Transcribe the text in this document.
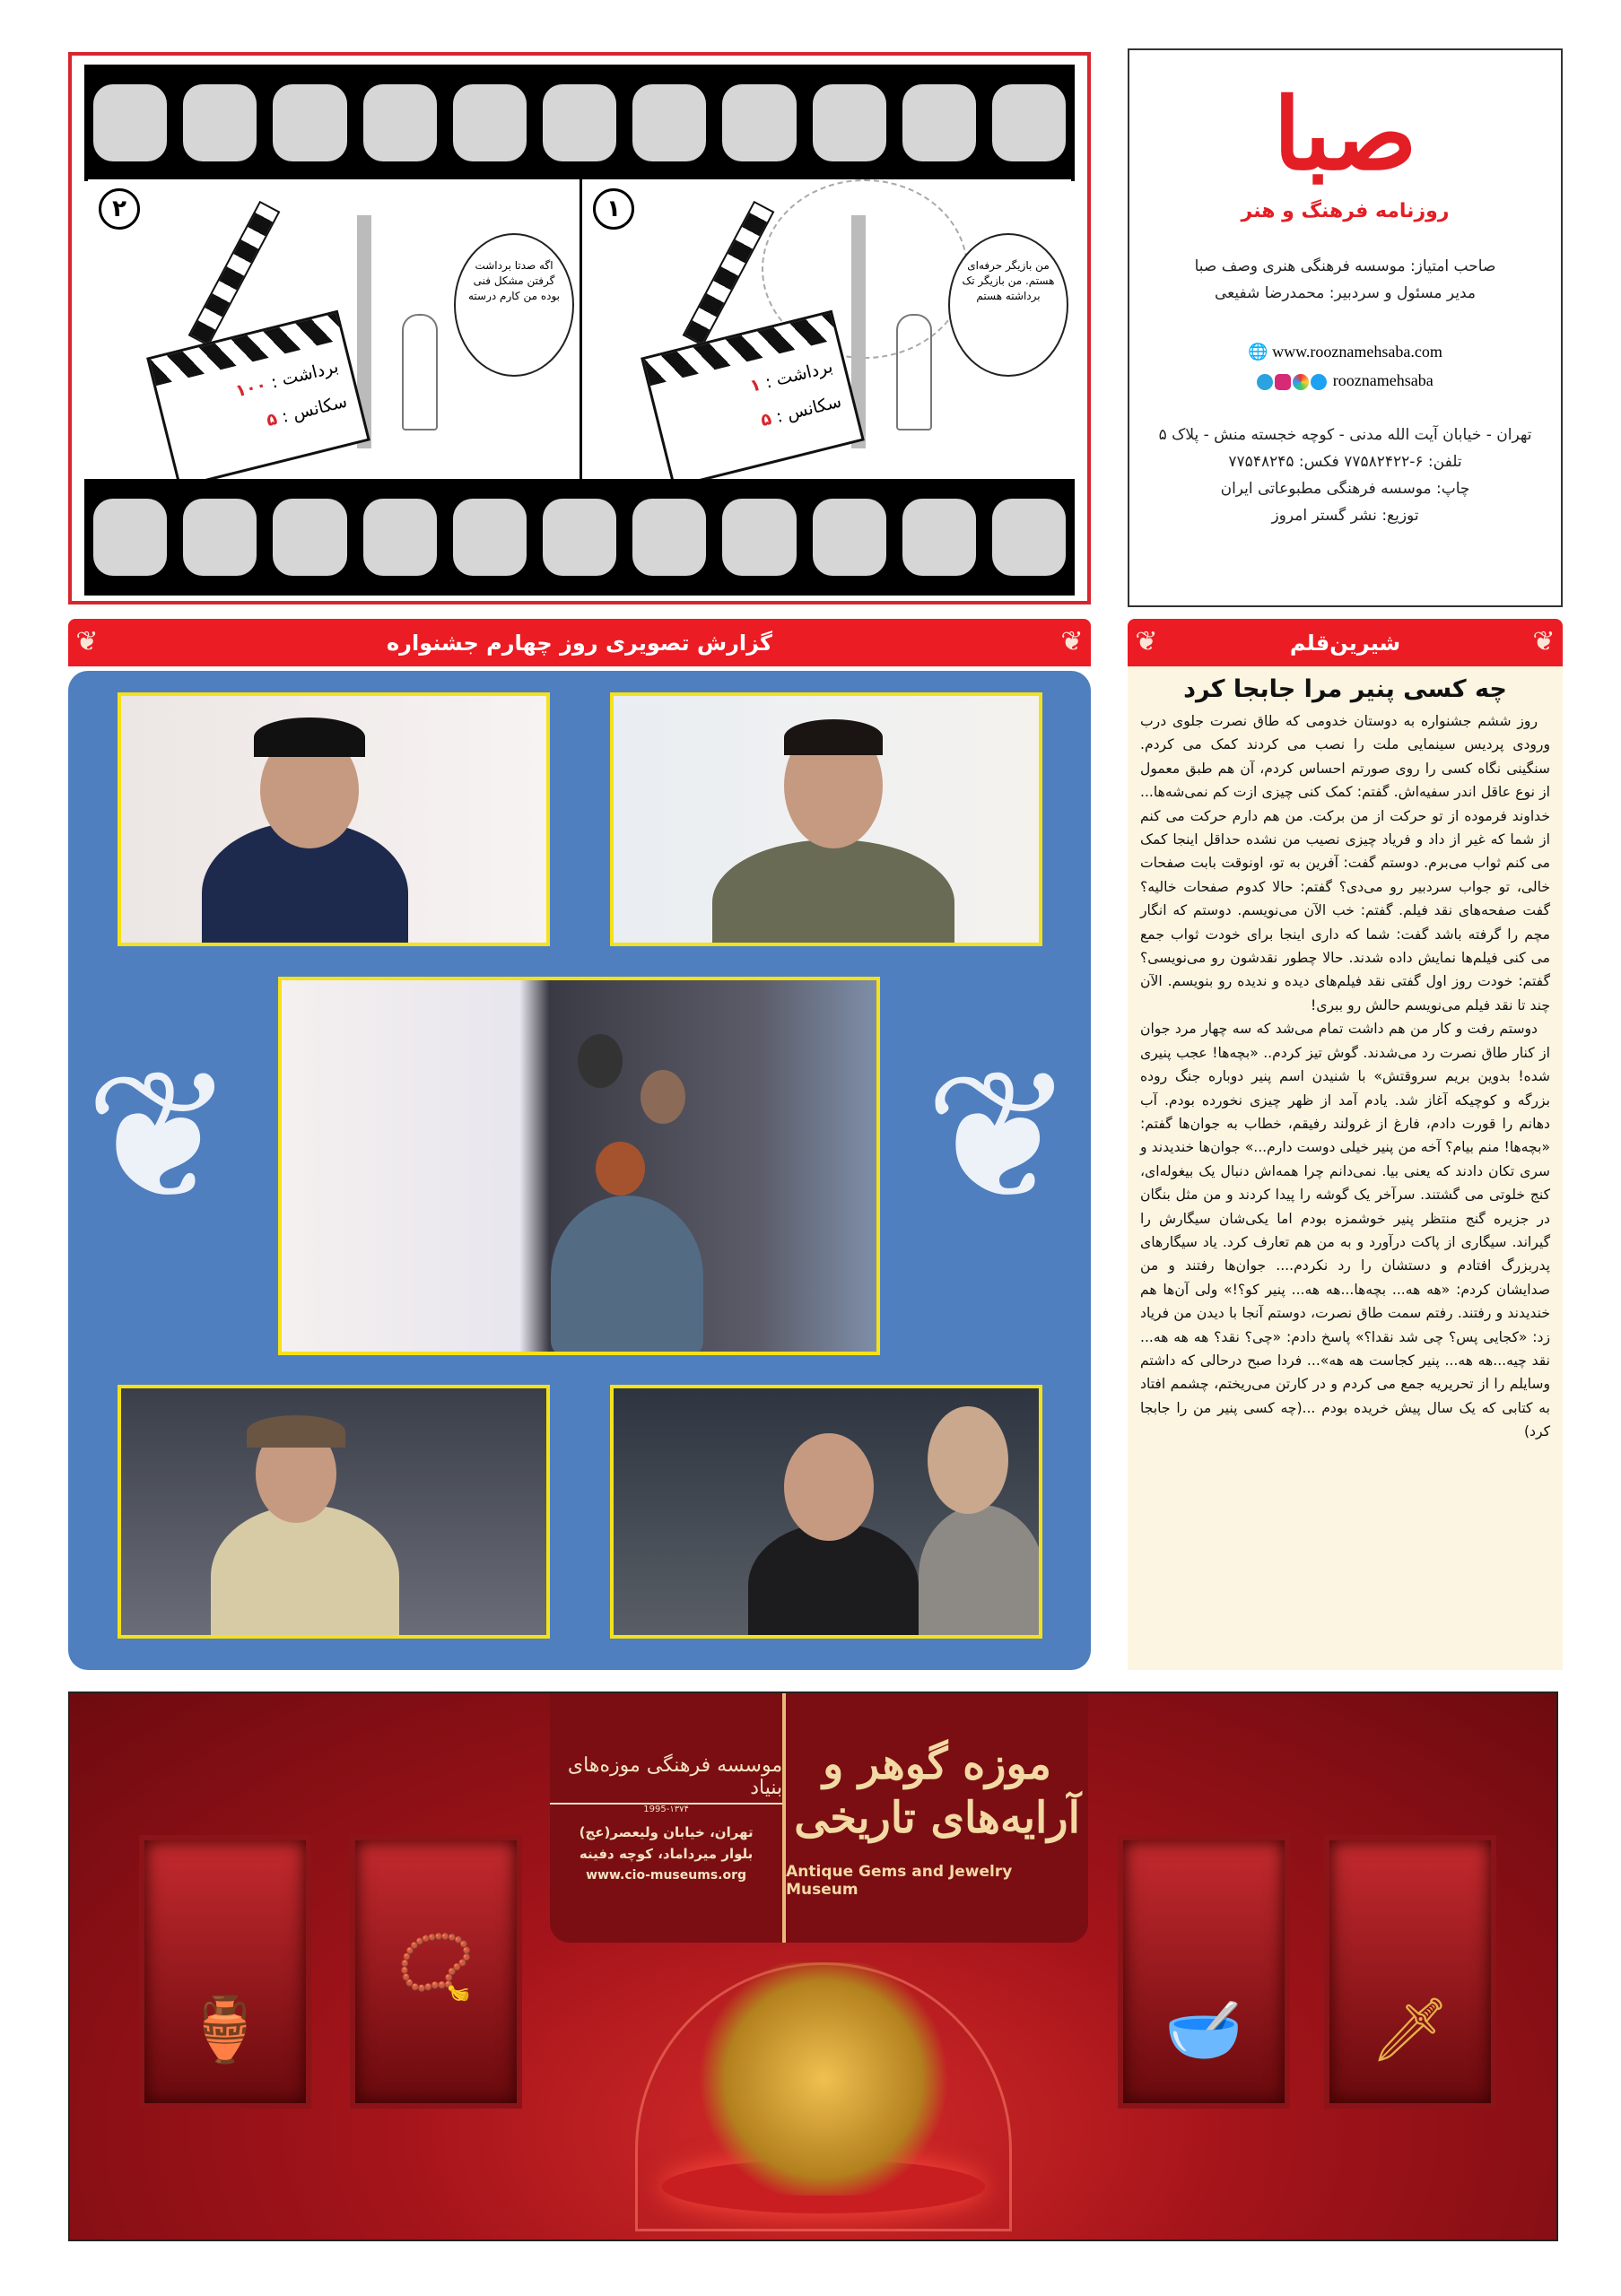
۲
برداشت : ۱۰۰
سکانس : ۵
اگه صدتا برداشت گرفتن مشکل فنی بوده من کارم درسته
۱
برداشت : ۱
سکانس : ۵
من بازیگر حرفه‌ای هستم. من بازیگر تک برداشته هستم
صبا
روزنامه فرهنگ و هنر
صاحب امتیاز: موسسه فرهنگی هنری وصف صبا
مدیر مسئول و سردبیر: محمدرضا شفیعی
🌐 www.rooznamehsaba.com
rooznamehsaba
تهران - خیابان آیت الله مدنی - کوچه خجسته منش - پلاک ۵
تلفن: ۶-۷۷۵۸۲۴۲۲ فکس: ۷۷۵۴۸۲۴۵
چاپ: موسسه فرهنگی مطبوعاتی ایران
توزیع: نشر گستر امروز
❦	گزارش تصویری روز چهارم جشنواره	❦
❦	❦
❦	شیرین‌قلم	❦
چه کسی پنیر مرا جابجا کرد

روز ششم جشنواره به دوستان خدومی که طاق نصرت جلوی درب ورودی پردیس سینمایی ملت را نصب می کردند کمک می کردم. سنگینی نگاه کسی را روی صورتم احساس کردم، آن هم طبق معمول از نوع عاقل اندر سفیه‌اش. گفتم: کمک کنی چیزی ازت کم نمی‌شه‌ها... خداوند فرموده از تو حرکت از من برکت. من هم دارم حرکت می کنم از شما که غیر از داد و فریاد چیزی نصیب من نشده حداقل اینجا کمک می کنم ثواب می‌برم. دوستم گفت: آفرین به تو، اونوقت بابت صفحات خالی، تو جواب سردبیر رو می‌دی؟ گفتم: حالا کدوم صفحات خالیه؟ گفت صفحه‌های نقد فیلم. گفتم: خب الآن می‌نویسم. دوستم که انگار مچم را گرفته باشد گفت: شما که داری اینجا برای خودت ثواب جمع می کنی فیلم‌ها نمایش داده شدند. حالا چطور نقدشون رو می‌نویسی؟ گفتم: خودت روز اول گفتی نقد فیلم‌های دیده و ندیده رو بنویسم. الآن چند تا نقد فیلم می‌نویسم حالش رو ببری!

دوستم رفت و کار من هم داشت تمام می‌شد که سه چهار مرد جوان از کنار طاق نصرت رد می‌شدند. گوش تیز کردم.. «بچه‌ها! عجب پنیری شده! بدوین بریم سروقتش» با شنیدن اسم پنیر دوباره جنگ روده بزرگه و کوچیکه آغاز شد. یادم آمد از ظهر چیزی نخورده بودم. آب دهانم را قورت دادم، فارغ از غرولند رفیقم، خطاب به جوان‌ها گفتم: «بچه‌ها! منم بیام؟ آخه من پنیر خیلی دوست دارم...» جوان‌ها خندیدند و سری تکان دادند که یعنی بیا. نمی‌دانم چرا همه‌اش دنبال یک بیغوله‌ای، کنج خلوتی می گشتند. سرآخر یک گوشه را پیدا کردند و من مثل بنگان در جزیره گنج منتظر پنیر خوشمزه بودم اما یکی‌شان سیگارش را گیراند. سیگاری از پاکت درآورد و به من هم تعارف کرد. یاد سیگارهای پدربزرگ افتادم و دستشان را رد نکردم.... جوان‌ها رفتند و من صدایشان کردم: «هه هه... بچه‌ها...هه هه... پنیر کو؟!» ولی آن‌ها هم خندیدند و رفتند. رفتم سمت طاق نصرت، دوستم آنجا با دیدن من فریاد زد: «کجایی پس؟ چی شد نقدا؟» پاسخ دادم: «چی؟ نقد؟ هه هه هه... نقد چیه...هه هه... پنیر کجاست هه هه»... فردا صبح درحالی که داشتم وسایلم را از تحریریه جمع می کردم و در کارتن می‌ریختم، چشمم افتاد به کتابی که یک سال پیش خریده بودم ...(چه کسی پنیر من را جابجا کرد)

🏺
📿
🥣 🗡
موزه گوهر و آرایه‌های تاریخی
Antique Gems and Jewelry Museum
موسسه فرهنگی موزه‌های بنیاد
1995-۱۳۷۴
تهران، خیابان ولیعصر(عج)
بلوار میرداماد، کوچه دفینه
www.cio-museums.org
